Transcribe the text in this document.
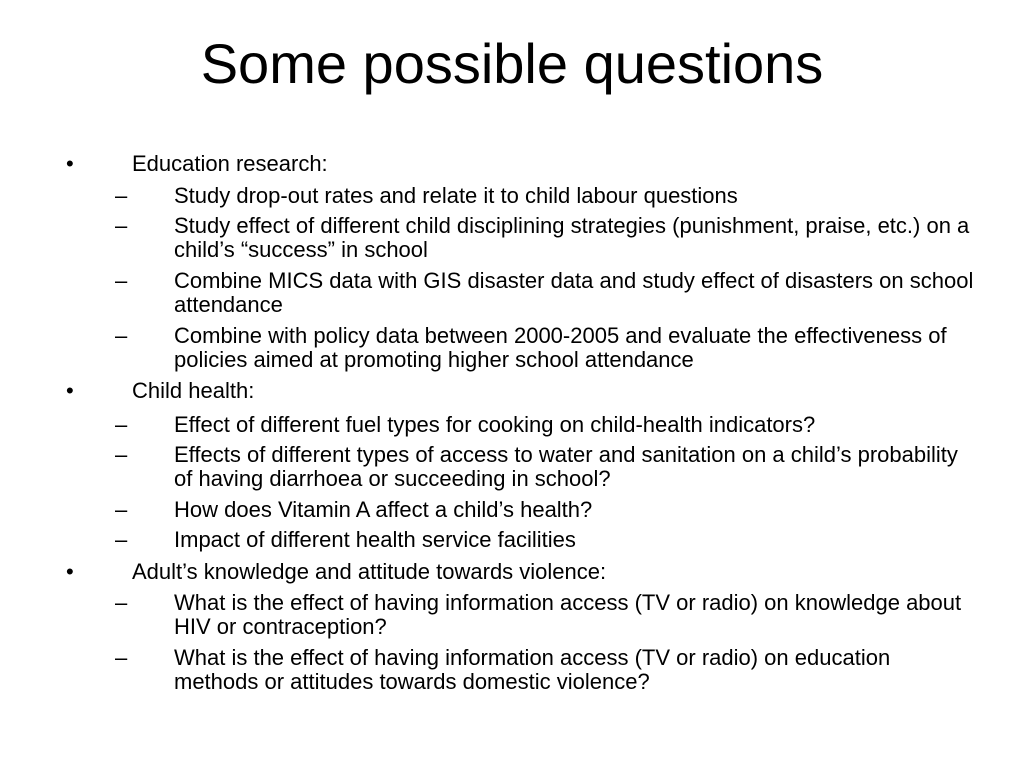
Some possible questions
•	Education research:
– Study drop-out rates and relate it to child labour questions
– Study effect of different child disciplining strategies (punishment, praise, etc.) on a child’s “success” in school
– Combine MICS data with GIS disaster data and study effect of disasters on school attendance
– Combine with policy data between 2000-2005 and evaluate the effectiveness of policies aimed at promoting higher school attendance
•	Child health:
– Effect of different fuel types for cooking on child-health indicators?
– Effects of different types of access to water and sanitation on a child’s probability of having diarrhoea or succeeding in school?
– How does Vitamin A affect a child’s health?
– Impact of different health service facilities
•	Adult’s knowledge and attitude towards violence:
– What is the effect of having information access (TV or radio) on knowledge about HIV or contraception?
– What is the effect of having information access (TV or radio) on education methods or attitudes towards domestic violence?
